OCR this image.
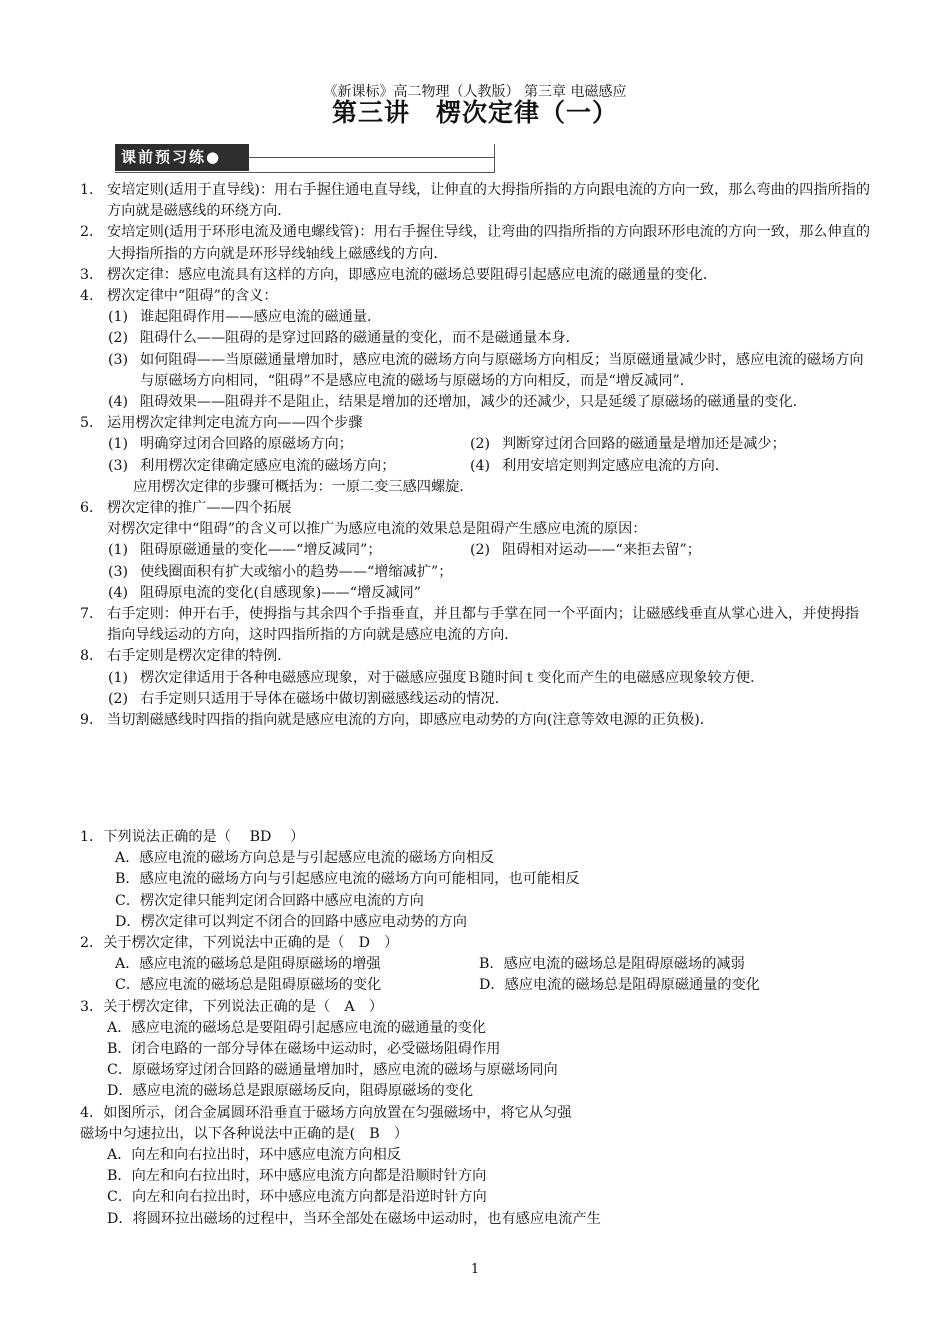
《新课标》高二物理（人教版） 第三章 电磁感应
第三讲　楞次定律（一）
课前预习练●
1． 安培定则(适用于直导线)：用右手握住通电直导线，让伸直的大拇指所指的方向跟电流的方向一致，那么弯曲的四指所指的方向就是磁感线的环绕方向．
2． 安培定则(适用于环形电流及通电螺线管)：用右手握住导线，让弯曲的四指所指的方向跟环形电流的方向一致，那么伸直的大拇指所指的方向就是环形导线轴线上磁感线的方向．
3． 楞次定律：感应电流具有这样的方向，即感应电流的磁场总要阻碍引起感应电流的磁通量的变化．
4. 楞次定律中“阻碍”的含义：
(1) 谁起阻碍作用——感应电流的磁通量．
(2) 阻碍什么——阻碍的是穿过回路的磁通量的变化，而不是磁通量本身．
(3) 如何阻碍——当原磁通量增加时，感应电流的磁场方向与原磁场方向相反；当原磁通量减少时，感应电流的磁场方向与原磁场方向相同，“阻碍”不是感应电流的磁场与原磁场的方向相反，而是“增反减同”．
(4) 阻碍效果——阻碍并不是阻止，结果是增加的还增加，减少的还减少，只是延缓了原磁场的磁通量的变化．
5． 运用楞次定律判定电流方向——四个步骤
(1) 明确穿过闭合回路的原磁场方向；	(2) 判断穿过闭合回路的磁通量是增加还是减少；
(3) 利用楞次定律确定感应电流的磁场方向；	(4) 利用安培定则判定感应电流的方向．
应用楞次定律的步骤可概括为：一原二变三感四螺旋．
6． 楞次定律的推广——四个拓展
对楞次定律中“阻碍”的含义可以推广为感应电流的效果总是阻碍产生感应电流的原因：
(1) 阻碍原磁通量的变化——“增反减同”；	(2) 阻碍相对运动——“来拒去留”；
(3) 使线圈面积有扩大或缩小的趋势——“增缩减扩”；
(4) 阻碍原电流的变化(自感现象)——“增反减同”
7． 右手定则：伸开右手，使拇指与其余四个手指垂直，并且都与手掌在同一个平面内；让磁感线垂直从掌心进入，并使拇指指向导线运动的方向，这时四指所指的方向就是感应电流的方向．
8． 右手定则是楞次定律的特例．
(1) 楞次定律适用于各种电磁感应现象，对于磁感应强度Ｂ随时间ｔ变化而产生的电磁感应现象较方便．
(2) 右手定则只适用于导体在磁场中做切割磁感线运动的情况．
9． 当切割磁感线时四指的指向就是感应电流的方向，即感应电动势的方向(注意等效电源的正负极)．
1．下列说法正确的是（　 BD　 ）
A．感应电流的磁场方向总是与引起感应电流的磁场方向相反
B．感应电流的磁场方向与引起感应电流的磁场方向可能相同，也可能相反
C．楞次定律只能判定闭合回路中感应电流的方向
D．楞次定律可以判定不闭合的回路中感应电动势的方向
2．关于楞次定律，下列说法中正确的是（　D　）
A．感应电流的磁场总是阻碍原磁场的增强	B．感应电流的磁场总是阻碍原磁场的减弱
C．感应电流的磁场总是阻碍原磁场的变化	D．感应电流的磁场总是阻碍原磁通量的变化
3．关于楞次定律，下列说法正确的是（　A　）
A．感应电流的磁场总是要阻碍引起感应电流的磁通量的变化
B．闭合电路的一部分导体在磁场中运动时，必受磁场阻碍作用
C．原磁场穿过闭合回路的磁通量增加时，感应电流的磁场与原磁场同向
D．感应电流的磁场总是跟原磁场反向，阻碍原磁场的变化
4．如图所示，闭合金属圆环沿垂直于磁场方向放置在匀强磁场中，将它从匀强
磁场中匀速拉出，以下各种说法中正确的是(　B　）
A．向左和向右拉出时，环中感应电流方向相反
B．向左和向右拉出时，环中感应电流方向都是沿顺时针方向
C．向左和向右拉出时，环中感应电流方向都是沿逆时针方向
D．将圆环拉出磁场的过程中，当环全部处在磁场中运动时，也有感应电流产生
1
